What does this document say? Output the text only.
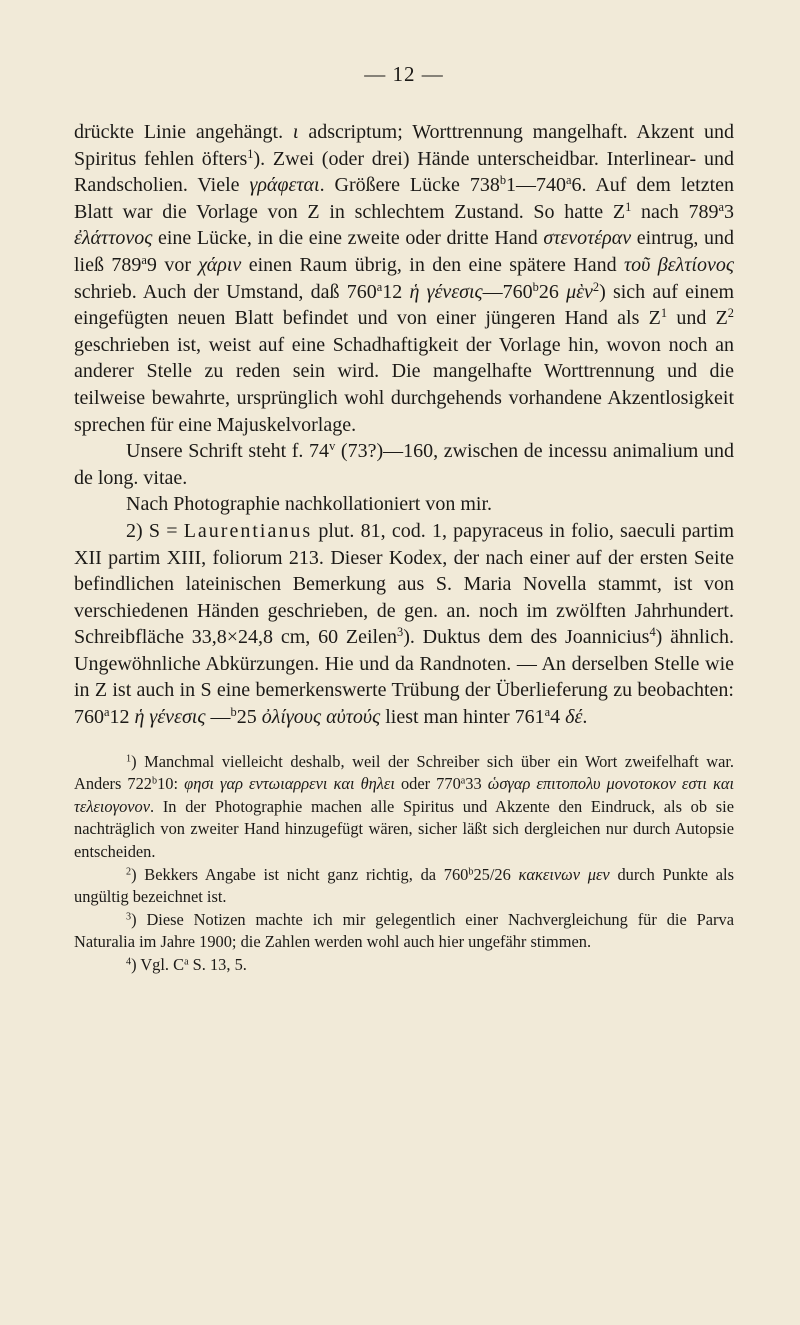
— 12 —

drückte Linie angehängt. ι adscriptum; Worttrennung mangelhaft. Akzent und Spiritus fehlen öfters$^1$). Zwei (oder drei) Hände unterscheidbar. Interlinear- und Randscholien. Viele γράφεται. Größere Lücke 738$^b$1—740$^a$6. Auf dem letzten Blatt war die Vorlage von Z in schlechtem Zustand. So hatte $Z^1$ nach 789$^a$3 ἐλάττονος eine Lücke, in die eine zweite oder dritte Hand στενοτέραν eintrug, und ließ 789$^a$9 vor χάριν einen Raum übrig, in den eine spätere Hand τοῦ βελτίονος schrieb. Auch der Umstand, daß 760$^a$12 ἡ γένεσις—760$^b$26 μὲν$^2$) sich auf einem eingefügten neuen Blatt befindet und von einer jüngeren Hand als $Z^1$ und $Z^2$ geschrieben ist, weist auf eine Schadhaftigkeit der Vorlage hin, wovon noch an anderer Stelle zu reden sein wird. Die mangelhafte Worttrennung und die teilweise bewahrte, ursprünglich wohl durchgehends vorhandene Akzentlosigkeit sprechen für eine Majuskelvorlage.

Unsere Schrift steht f. 74$^v$ (73?)—160, zwischen de incessu animalium und de long. vitae.

Nach Photographie nachkollationiert von mir.

2) S = Laurentianus plut. 81, cod. 1, papyraceus in folio, saeculi partim XII partim XIII, foliorum 213. Dieser Kodex, der nach einer auf der ersten Seite befindlichen lateinischen Bemerkung aus S. Maria Novella stammt, ist von verschiedenen Händen geschrieben, de gen. an. noch im zwölften Jahrhundert. Schreibfläche 33,8×24,8 cm, 60 Zeilen$^3$). Duktus dem des Joannicius$^4$) ähnlich. Ungewöhnliche Abkürzungen. Hie und da Randnoten. — An derselben Stelle wie in Z ist auch in S eine bemerkenswerte Trübung der Überlieferung zu beobachten: 760$^a$12 ἡ γένεσις —$^b$25 ὀλίγους αὐτούς liest man hinter 761$^a$4 δέ.

$^1$) Manchmal vielleicht deshalb, weil der Schreiber sich über ein Wort zweifelhaft war. Anders 722$^b$10: φησι γαρ εντωιαρρενι και θηλει oder 770$^a$33 ὡσγαρ επιτοπολυ μονοτοκον εστι και τελειογονον. In der Photographie machen alle Spiritus und Akzente den Eindruck, als ob sie nachträglich von zweiter Hand hinzugefügt wären, sicher läßt sich dergleichen nur durch Autopsie entscheiden.

$^2$) Bekkers Angabe ist nicht ganz richtig, da 760$^b$25/26 κακεινων μεν durch Punkte als ungültig bezeichnet ist.

$^3$) Diese Notizen machte ich mir gelegentlich einer Nachvergleichung für die Parva Naturalia im Jahre 1900; die Zahlen werden wohl auch hier ungefähr stimmen.

$^4$) Vgl. $C^a$ S. 13, 5.
